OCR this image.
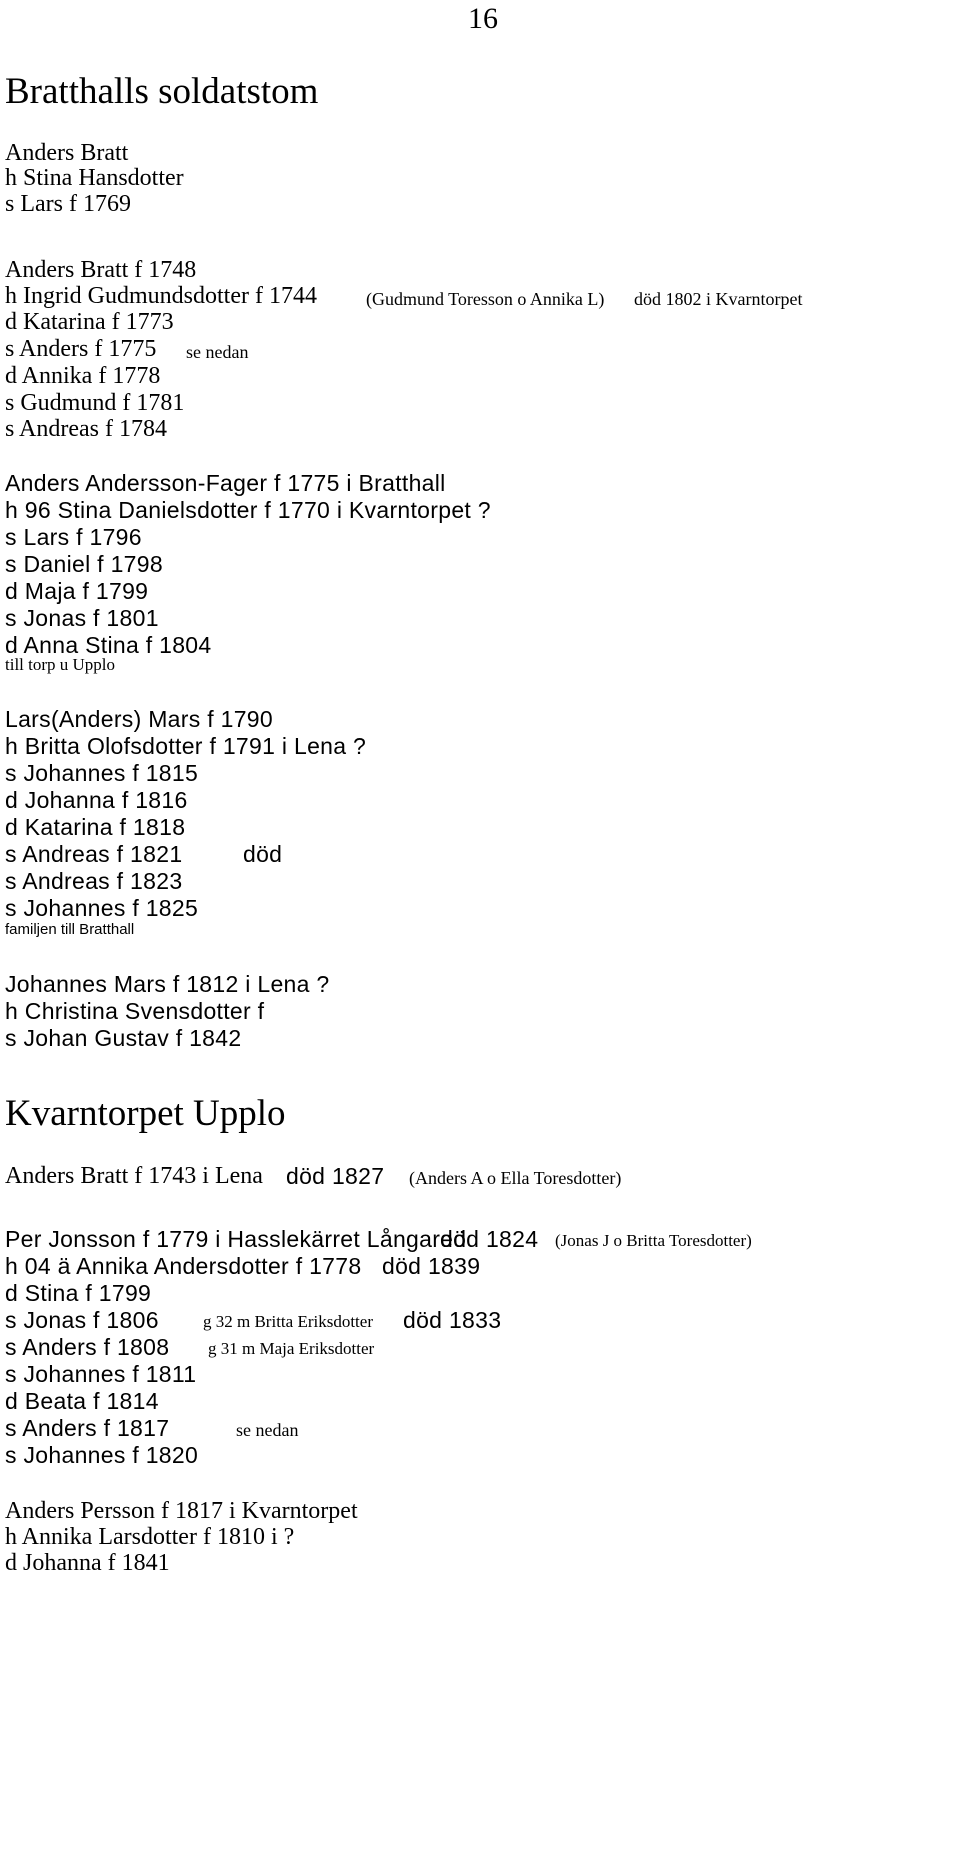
16
Bratthalls soldatstom
Anders Bratt
h Stina Hansdotter
s Lars f 1769
Anders Bratt f 1748
h Ingrid Gudmundsdotter f 1744	(Gudmund Toresson o Annika L) död 1802 i Kvarntorpet
d Katarina f 1773
s Anders f 1775 se nedan
d Annika f 1778
s Gudmund f 1781
s Andreas f 1784
Anders Andersson-Fager f 1775 i Bratthall
h 96 Stina Danielsdotter f 1770 i Kvarntorpet ?
s Lars f 1796
s Daniel f 1798
d Maja f 1799
s Jonas f 1801
d Anna Stina f 1804
till torp u Upplo
Lars(Anders) Mars f 1790
h Britta Olofsdotter f 1791 i Lena ?
s Johannes f 1815
d Johanna f 1816
d Katarina f 1818
s Andreas f 1821	död
s Andreas f 1823
s Johannes f 1825
familjen till Bratthall
Johannes Mars f 1812 i Lena ?
h Christina Svensdotter f
s Johan Gustav f 1842
Kvarntorpet Upplo
Anders Bratt f 1743 i Lena död 1827 (Anders A o Ella Toresdotter)
Per Jonsson f 1779 i Hasslekärret Långared
död 1824 (Jonas J o Britta Toresdotter)
h 04 ä Annika Andersdotter f 1778 död 1839
d Stina f 1799
s Jonas f 1806	g 32 m Britta Eriksdotter död 1833
s Anders f 1808 g 31 m Maja Eriksdotter
s Johannes f 1811
d Beata f 1814
s Anders f 1817	se nedan
s Johannes f 1820
Anders Persson f 1817 i Kvarntorpet
h Annika Larsdotter f 1810 i ?
d Johanna f 1841
